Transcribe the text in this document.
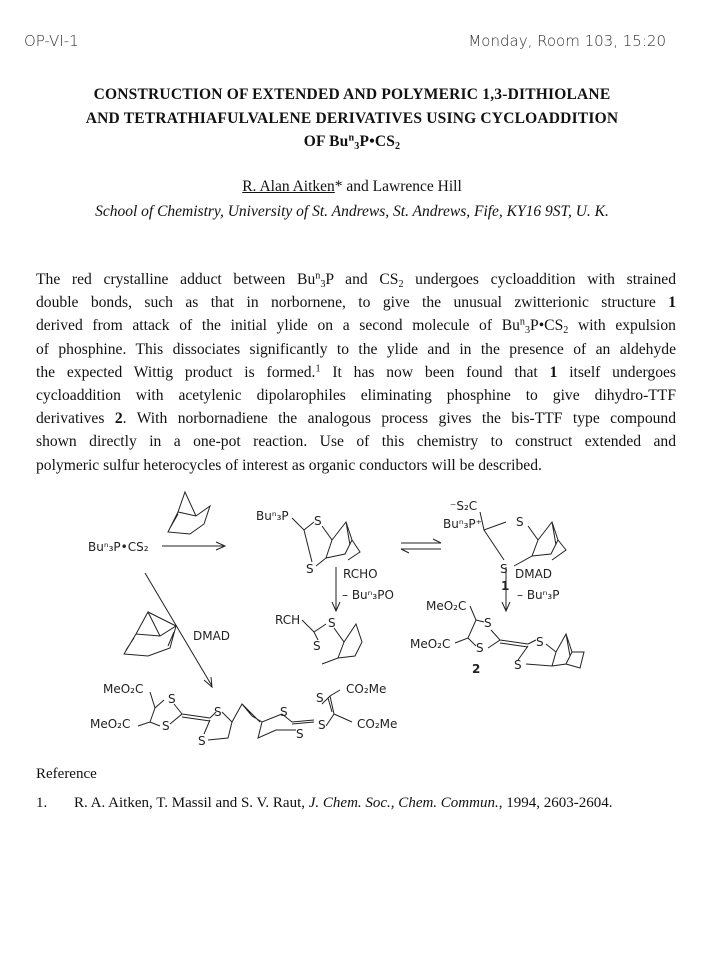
OP-VI-1	Monday, Room 103, 15:20
CONSTRUCTION OF EXTENDED AND POLYMERIC 1,3-DITHIOLANE
AND TETRATHIAFULVALENE DERIVATIVES USING CYCLOADDITION
OF $Bu^n_3P•CS_2$
R. Alan Aitken* and Lawrence Hill
School of Chemistry, University of St. Andrews, St. Andrews, Fife, KY16 9ST, U. K.
The red crystalline adduct between $Bu^n_3P$ and $CS_2$ undergoes cycloaddition with strained
double bonds, such as that in norbornene, to give the unusual zwitterionic structure 1
derived from attack of the initial ylide on a second molecule of $Bu^n_3P•CS_2$ with expulsion
of phosphine. This dissociates significantly to the ylide and in the presence of an aldehyde
the expected Wittig product is formed.$^1$ It has now been found that 1 itself undergoes
cycloaddition with acetylenic dipolarophiles eliminating phosphine to give dihydro-TTF
derivatives 2. With norbornadiene the analogous process gives the bis-TTF type compound
shown directly in a one-pot reaction. Use of this chemistry to construct extended and
polymeric sulfur heterocycles of interest as organic conductors will be described.
Buⁿ₃P•CS₂
Buⁿ₃P S
S
⁻S₂C
Buⁿ₃P⁺	S
S
1
RCHO
– Buⁿ₃PO
RCH S
S
DMAD
– Buⁿ₃P
MeO₂C
S
MeO₂C S	S
S
2
DMAD
MeO₂C
S
MeO₂C	S
S
S
S
S
S
S
CO₂Me
CO₂Me
Reference
1. R. A. Aitken, T. Massil and S. V. Raut, J. Chem. Soc., Chem. Commun., 1994, 2603-2604.
